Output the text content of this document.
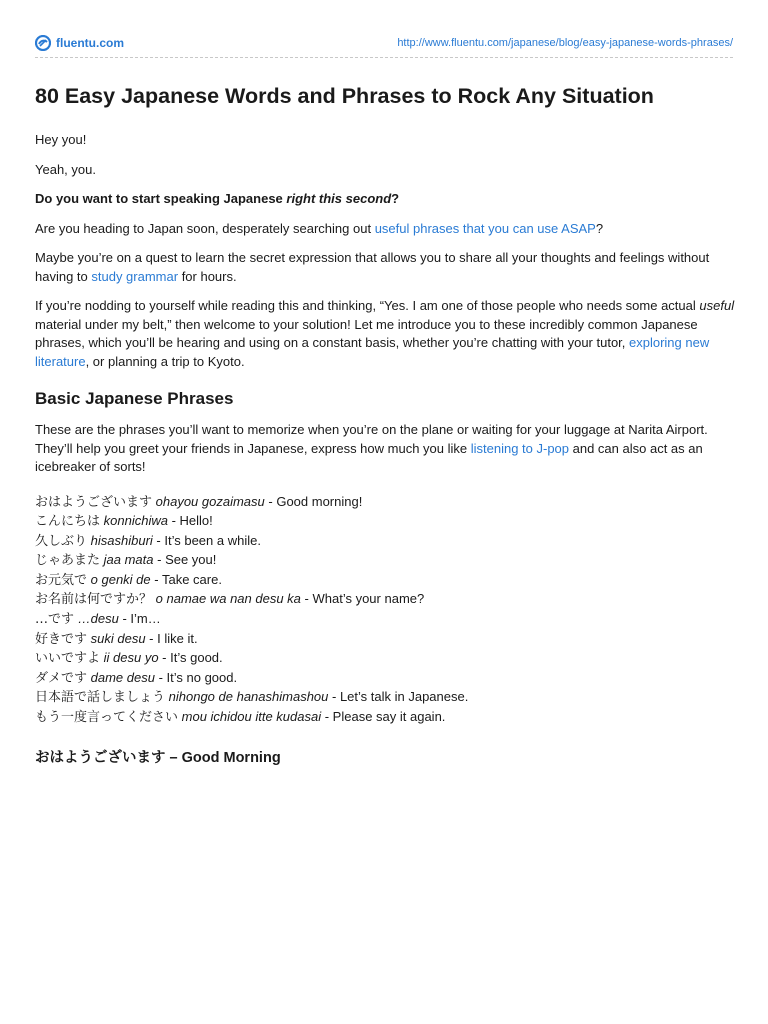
fluentu.com	http://www.fluentu.com/japanese/blog/easy-japanese-words-phrases/
80 Easy Japanese Words and Phrases to Rock Any Situation

Hey you!

Yeah, you.

Do you want to start speaking Japanese right this second?

Are you heading to Japan soon, desperately searching out useful phrases that you can use ASAP?

Maybe you’re on a quest to learn the secret expression that allows you to share all your thoughts and feelings without having to study grammar for hours.

If you’re nodding to yourself while reading this and thinking, “Yes. I am one of those people who needs some actual useful material under my belt,” then welcome to your solution! Let me introduce you to these incredibly common Japanese phrases, which you’ll be hearing and using on a constant basis, whether you’re chatting with your tutor, exploring new literature, or planning a trip to Kyoto.

Basic Japanese Phrases

These are the phrases you’ll want to memorize when you’re on the plane or waiting for your luggage at Narita Airport. They’ll help you greet your friends in Japanese, express how much you like listening to J-pop and can also act as an icebreaker of sorts!

おはようございます ohayou gozaimasu - Good morning!
こんにちは konnichiwa - Hello!
久しぶり hisashiburi - It’s been a while.
じゃあまた jaa mata - See you!
お元気で o genki de - Take care.
お名前は何ですか？ o namae wa nan desu ka - What’s your name?
…です …desu - I’m…
好きです suki desu - I like it.
いいですよ ii desu yo - It’s good.
ダメです dame desu - It’s no good.
日本語で話しましょう nihongo de hanashimashou - Let’s talk in Japanese.
もう一度言ってください mou ichidou itte kudasai - Please say it again.
おはようございます – Good Morning
